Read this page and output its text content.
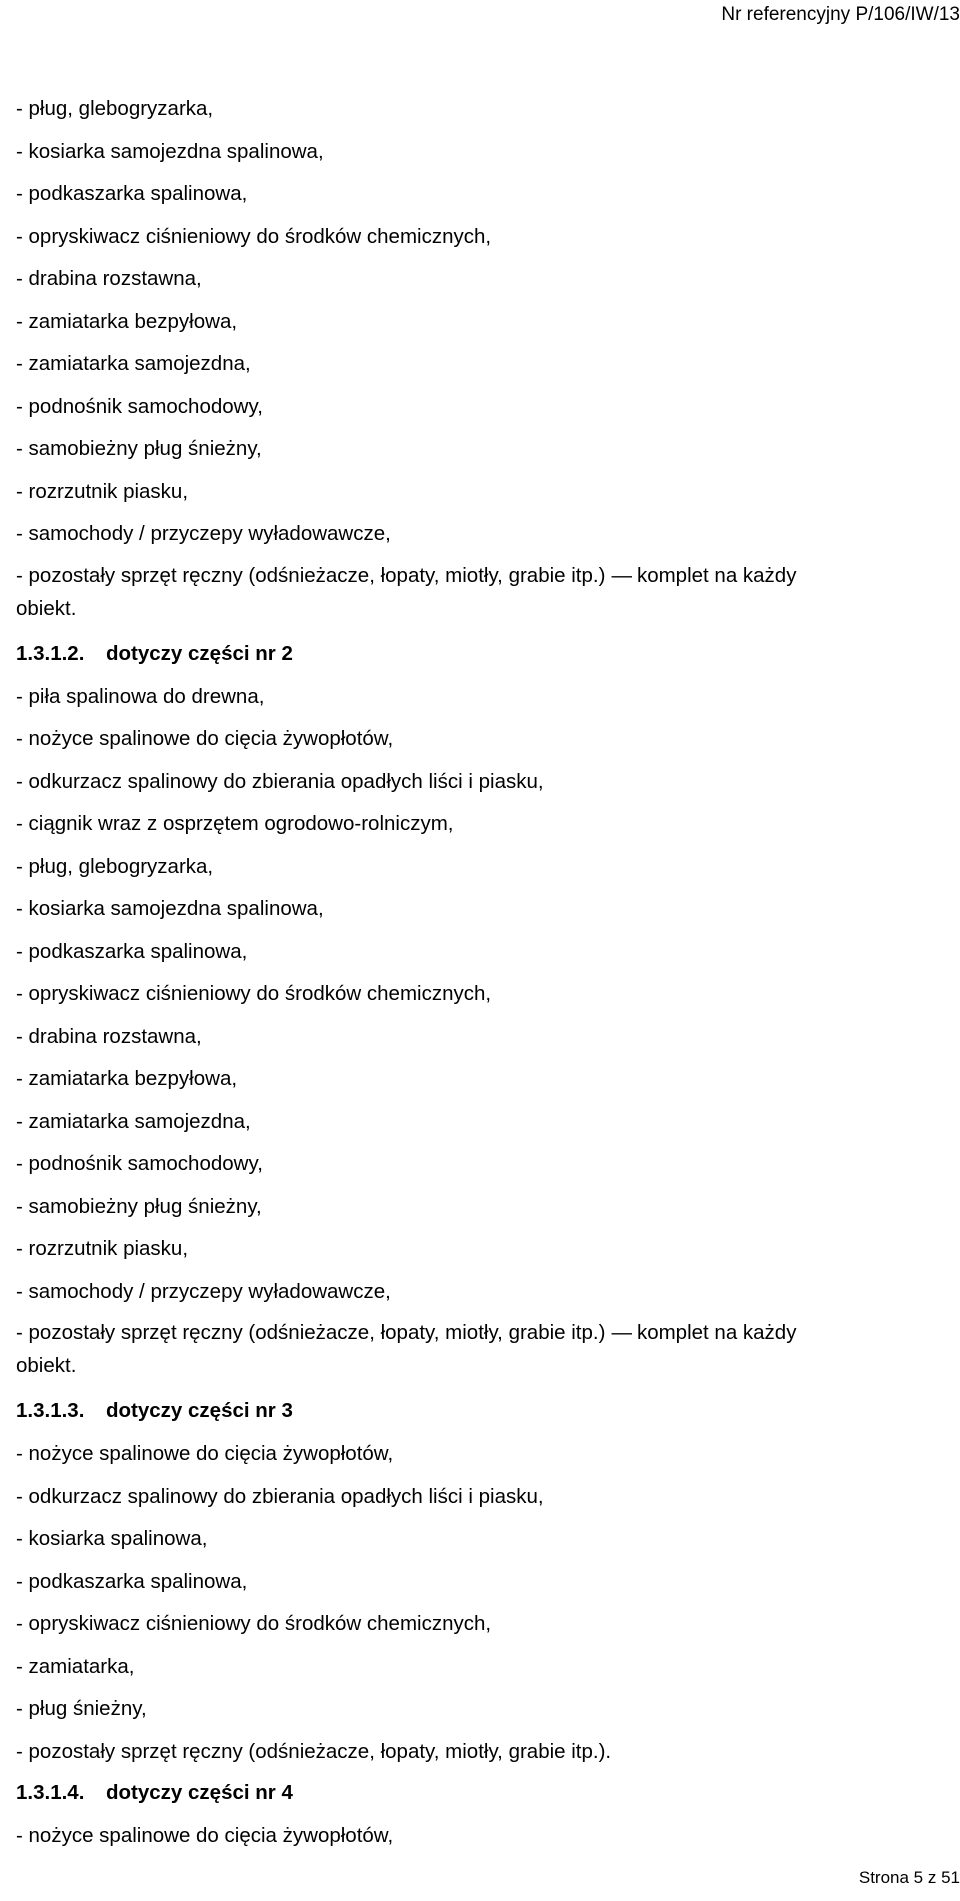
Nr referencyjny P/106/IW/13
- pług, glebogryzarka,
- kosiarka samojezdna spalinowa,
- podkaszarka spalinowa,
- opryskiwacz ciśnieniowy do środków chemicznych,
- drabina rozstawna,
- zamiatarka bezpyłowa,
- zamiatarka samojezdna,
- podnośnik samochodowy,
- samobieżny pług śnieżny,
- rozrzutnik piasku,
- samochody / przyczepy wyładowawcze,
- pozostały sprzęt ręczny (odśnieżacze, łopaty, miotły, grabie itp.) — komplet na każdy
obiekt.
1.3.1.2. dotyczy części nr 2
- piła spalinowa do drewna,
- nożyce spalinowe do cięcia żywopłotów,
- odkurzacz spalinowy do zbierania opadłych liści i piasku,
- ciągnik wraz z osprzętem ogrodowo-rolniczym,
- pług, glebogryzarka,
- kosiarka samojezdna spalinowa,
- podkaszarka spalinowa,
- opryskiwacz ciśnieniowy do środków chemicznych,
- drabina rozstawna,
- zamiatarka bezpyłowa,
- zamiatarka samojezdna,
- podnośnik samochodowy,
- samobieżny pług śnieżny,
- rozrzutnik piasku,
- samochody / przyczepy wyładowawcze,
- pozostały sprzęt ręczny (odśnieżacze, łopaty, miotły, grabie itp.) — komplet na każdy
obiekt.
1.3.1.3. dotyczy części nr 3
- nożyce spalinowe do cięcia żywopłotów,
- odkurzacz spalinowy do zbierania opadłych liści i piasku,
- kosiarka spalinowa,
- podkaszarka spalinowa,
- opryskiwacz ciśnieniowy do środków chemicznych,
- zamiatarka,
- pług śnieżny,
- pozostały sprzęt ręczny (odśnieżacze, łopaty, miotły, grabie itp.).
1.3.1.4. dotyczy części nr 4
- nożyce spalinowe do cięcia żywopłotów,
Strona 5 z 51
